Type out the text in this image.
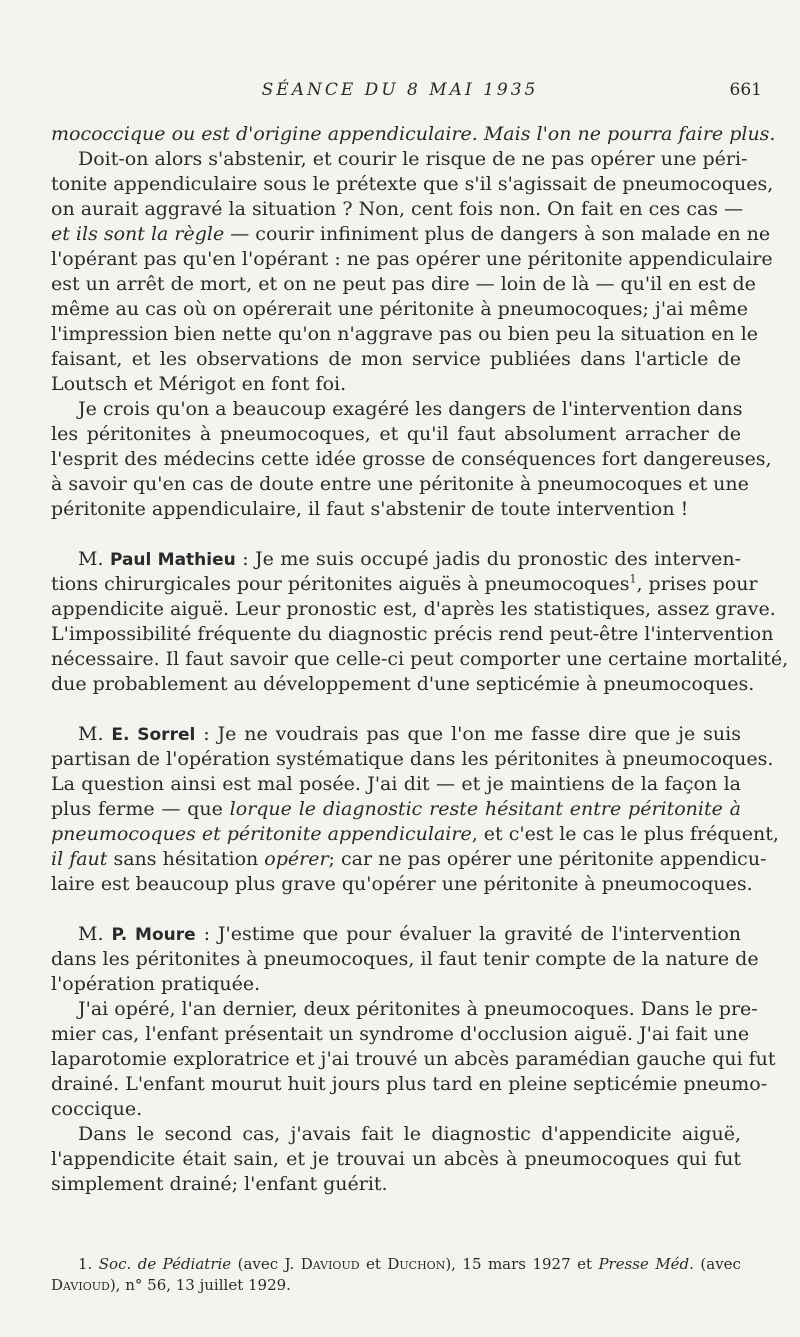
SÉANCE DU 8 MAI 1935	661
mococcique ou est d'origine appendiculaire. Mais l'on ne pourra faire plus.
Doit-on alors s'abstenir, et courir le risque de ne pas opérer une péri-
tonite appendiculaire sous le prétexte que s'il s'agissait de pneumocoques,
on aurait aggravé la situation ? Non, cent fois non. On fait en ces cas —
et ils sont la règle — courir infiniment plus de dangers à son malade en ne
l'opérant pas qu'en l'opérant : ne pas opérer une péritonite appendiculaire
est un arrêt de mort, et on ne peut pas dire — loin de là — qu'il en est de
même au cas où on opérerait une péritonite à pneumocoques; j'ai même
l'impression bien nette qu'on n'aggrave pas ou bien peu la situation en le
faisant, et les observations de mon service publiées dans l'article de
Loutsch et Mérigot en font foi.
Je crois qu'on a beaucoup exagéré les dangers de l'intervention dans
les péritonites à pneumocoques, et qu'il faut absolument arracher de
l'esprit des médecins cette idée grosse de conséquences fort dangereuses,
à savoir qu'en cas de doute entre une péritonite à pneumocoques et une
péritonite appendiculaire, il faut s'abstenir de toute intervention !
M. Paul Mathieu : Je me suis occupé jadis du pronostic des interven-
tions chirurgicales pour péritonites aiguës à pneumocoques$^1$, prises pour
appendicite aiguë. Leur pronostic est, d'après les statistiques, assez grave.
L'impossibilité fréquente du diagnostic précis rend peut-être l'intervention
nécessaire. Il faut savoir que celle-ci peut comporter une certaine mortalité,
due probablement au développement d'une septicémie à pneumocoques.
M. E. Sorrel : Je ne voudrais pas que l'on me fasse dire que je suis
partisan de l'opération systématique dans les péritonites à pneumocoques.
La question ainsi est mal posée. J'ai dit — et je maintiens de la façon la
plus ferme — que lorque le diagnostic reste hésitant entre péritonite à
pneumocoques et péritonite appendiculaire, et c'est le cas le plus fréquent,
il faut sans hésitation opérer; car ne pas opérer une péritonite appendicu-
laire est beaucoup plus grave qu'opérer une péritonite à pneumocoques.
M. P. Moure : J'estime que pour évaluer la gravité de l'intervention
dans les péritonites à pneumocoques, il faut tenir compte de la nature de
l'opération pratiquée.
J'ai opéré, l'an dernier, deux péritonites à pneumocoques. Dans le pre-
mier cas, l'enfant présentait un syndrome d'occlusion aiguë. J'ai fait une
laparotomie exploratrice et j'ai trouvé un abcès paramédian gauche qui fut
drainé. L'enfant mourut huit jours plus tard en pleine septicémie pneumo-
coccique.
Dans le second cas, j'avais fait le diagnostic d'appendicite aiguë,
l'appendicite était sain, et je trouvai un abcès à pneumocoques qui fut
simplement drainé; l'enfant guérit.
1. Soc. de Pédiatrie (avec J. Davioud et Duchon), 15 mars 1927 et Presse Méd. (avec
Davioud), n° 56, 13 juillet 1929.
